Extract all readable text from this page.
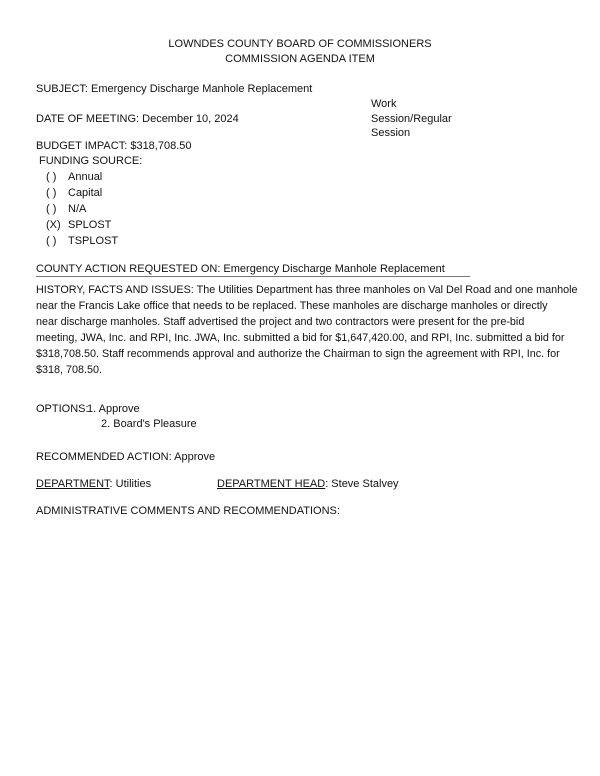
LOWNDES COUNTY BOARD OF COMMISSIONERS
COMMISSION AGENDA ITEM
SUBJECT: Emergency Discharge Manhole Replacement
Work
Session/Regular
Session
DATE OF MEETING: December 10, 2024
BUDGET IMPACT: $318,708.50
FUNDING SOURCE:
( ) Annual
( ) Capital
( ) N/A
(X) SPLOST
( ) TSPLOST
COUNTY ACTION REQUESTED ON: Emergency Discharge Manhole Replacement
HISTORY, FACTS AND ISSUES: The Utilities Department has three manholes on Val Del Road and one manhole
near the Francis Lake office that needs to be replaced. These manholes are discharge manholes or directly
near discharge manholes. Staff advertised the project and two contractors were present for the pre-bid
meeting, JWA, Inc. and RPI, Inc. JWA, Inc. submitted a bid for $1,647,420.00, and RPI, Inc. submitted a bid for
$318,708.50. Staff recommends approval and authorize the Chairman to sign the agreement with RPI, Inc. for
$318, 708.50.
OPTIONS:
1. Approve
2. Board's Pleasure
RECOMMENDED ACTION: Approve
DEPARTMENT: Utilities	DEPARTMENT HEAD: Steve Stalvey
ADMINISTRATIVE COMMENTS AND RECOMMENDATIONS:
